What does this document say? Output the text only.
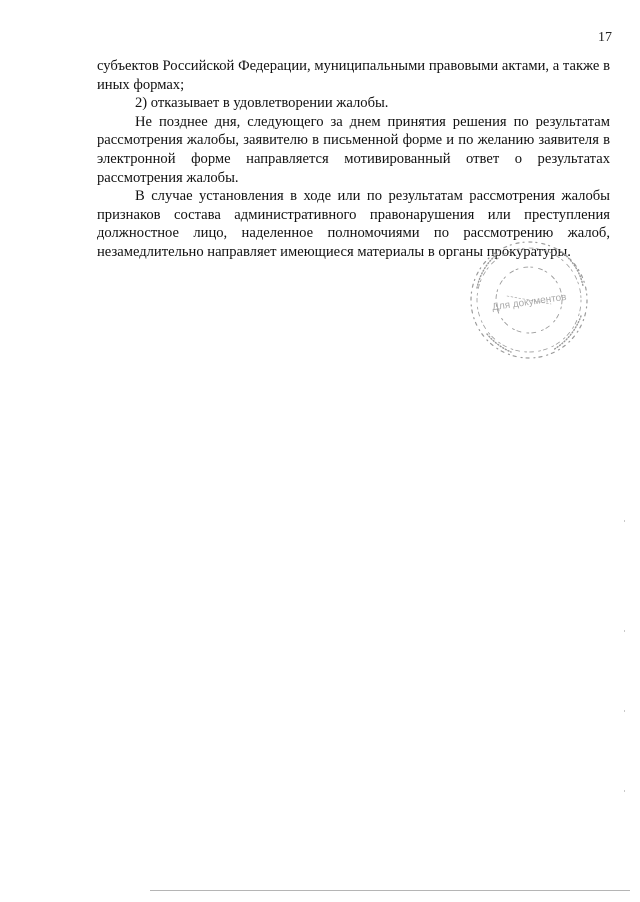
17

субъектов Российской Федерации, муниципальными правовыми актами, а также в иных формах;

2) отказывает в удовлетворении жалобы.

Не позднее дня, следующего за днем принятия решения по результатам рассмотрения жалобы, заявителю в письменной форме и по желанию заявителя в электронной форме направляется мотивированный ответ о результатах рассмотрения жалобы.

В случае установления в ходе или по результатам рассмотрения жалобы признаков состава административного правонарушения или преступления должностное лицо, наделенное полномочиями по рассмотрению жалоб, незамедлительно направляет имеющиеся материалы в органы прокуратуры.

Для документов
